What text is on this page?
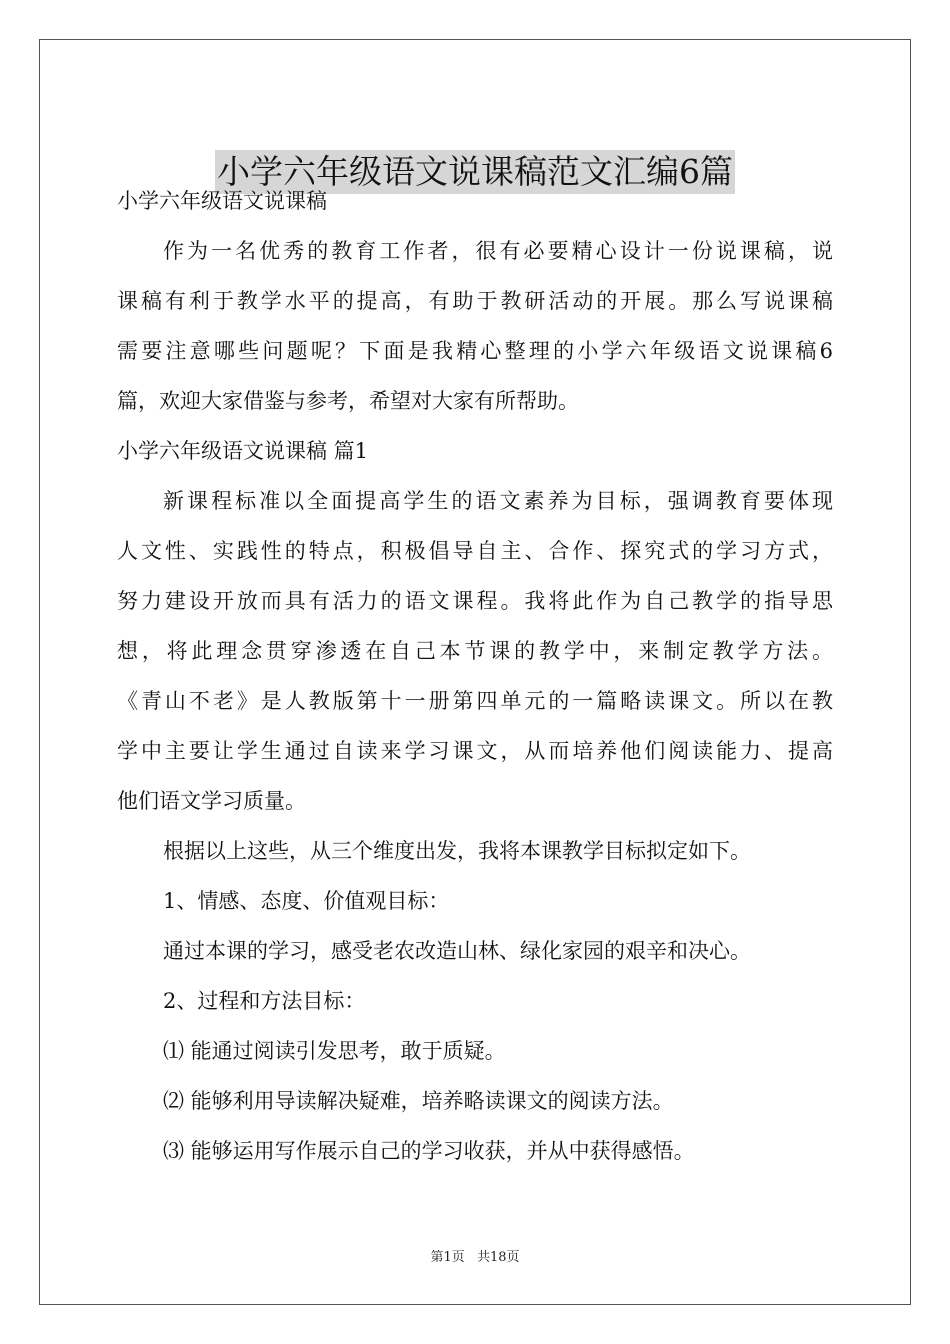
小学六年级语文说课稿范文汇编6篇
小学六年级语文说课稿
作为一名优秀的教育工作者，很有必要精心设计一份说课稿，说
课稿有利于教学水平的提高，有助于教研活动的开展。那么写说课稿
需要注意哪些问题呢？下面是我精心整理的小学六年级语文说课稿6
篇，欢迎大家借鉴与参考，希望对大家有所帮助。
小学六年级语文说课稿 篇1
新课程标准以全面提高学生的语文素养为目标，强调教育要体现
人文性、实践性的特点，积极倡导自主、合作、探究式的学习方式，
努力建设开放而具有活力的语文课程。我将此作为自己教学的指导思
想，将此理念贯穿渗透在自己本节课的教学中，来制定教学方法。
《青山不老》是人教版第十一册第四单元的一篇略读课文。所以在教
学中主要让学生通过自读来学习课文，从而培养他们阅读能力、提高
他们语文学习质量。
根据以上这些，从三个维度出发，我将本课教学目标拟定如下。
1、情感、态度、价值观目标：
通过本课的学习，感受老农改造山林、绿化家园的艰辛和决心。
2、过程和方法目标：
⑴ 能通过阅读引发思考，敢于质疑。
⑵ 能够利用导读解决疑难，培养略读课文的阅读方法。
⑶ 能够运用写作展示自己的学习收获，并从中获得感悟。
第1页 共18页
